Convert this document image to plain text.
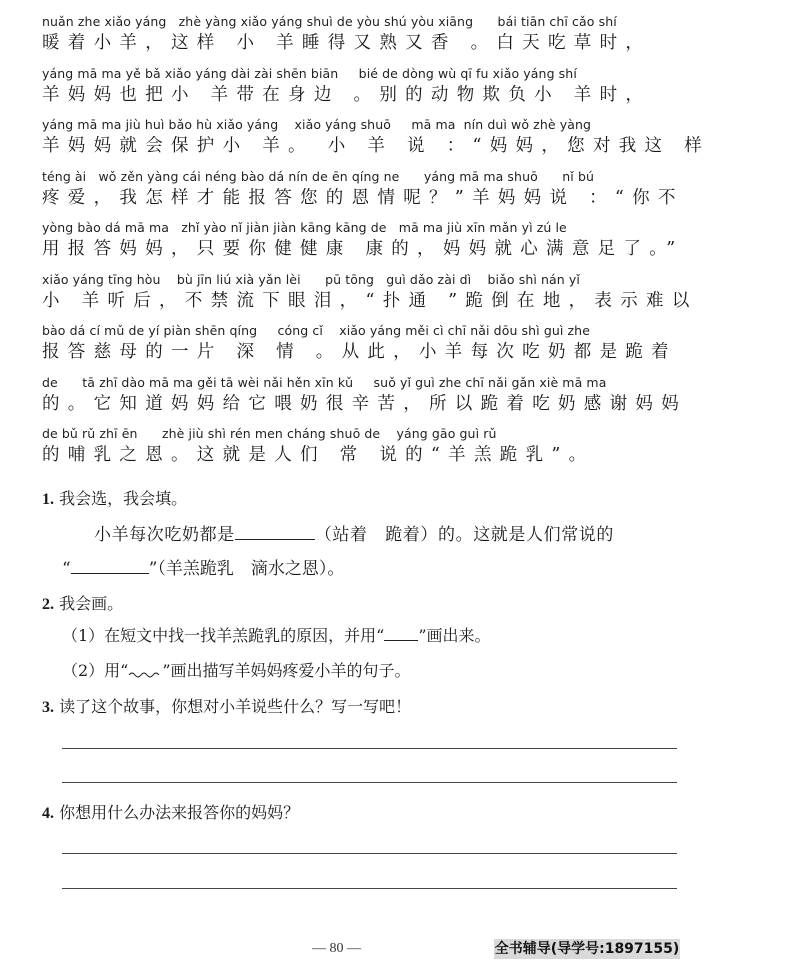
nuǎn zhe xiǎo yáng   zhè yàng xiǎo yáng shuì de yòu shú yòu xiāng      bái tiān chī cǎo shí
暖着小羊，这样 小 羊睡得又熟又香 。白天吃草时，
yáng mā ma yě bǎ xiǎo yáng dài zài shēn biān     bié de dòng wù qī fu xiǎo yáng shí
羊妈妈也把小 羊带在身边 。别的动物欺负小 羊时，
yáng mā ma jiù huì bǎo hù xiǎo yáng    xiǎo yáng shuō     mā ma  nín duì wǒ zhè yàng
羊妈妈就会保护小 羊。 小 羊 说 ：“妈妈，您对我这 样
téng ài   wǒ zěn yàng cái néng bào dá nín de ēn qíng ne      yáng mā ma shuō      nǐ bú
疼爱，我怎样才能报答您的恩情呢？”羊妈妈说 ：“你不
yòng bào dá mā ma   zhǐ yào nǐ jiàn jiàn kāng kāng de   mā ma jiù xīn mǎn yì zú le
用报答妈妈，只要你健健康 康的，妈妈就心满意足了。”
xiǎo yáng tīng hòu    bù jīn liú xià yǎn lèi      pū tōng   guì dǎo zài dì    biǎo shì nán yǐ
小 羊听后，不禁流下眼泪，“扑通 ”跪倒在地，表示难以
bào dá cí mǔ de yí piàn shēn qíng     cóng cǐ    xiǎo yáng měi cì chī nǎi dōu shì guì zhe
报答慈母的一片 深 情 。从此，小羊每次吃奶都是跪着
de      tā zhī dào mā ma gěi tā wèi nǎi hěn xīn kǔ     suǒ yǐ guì zhe chī nǎi gǎn xiè mā ma
的。它知道妈妈给它喂奶很辛苦，所以跪着吃奶感谢妈妈
de bǔ rǔ zhī ēn      zhè jiù shì rén men cháng shuō de    yáng gāo guì rǔ
的哺乳之恩。这就是人们 常 说的“羊羔跪乳”。
1. 我会选，我会填。
小羊每次吃奶都是	（站着　跪着）的。这就是人们常说的
“	”（羊羔跪乳　滴水之恩）。
2. 我会画。
（1）在短文中找一找羊羔跪乳的原因，并用“ ”画出来。
（2）用“ ”画出描写羊妈妈疼爱小羊的句子。
3. 读了这个故事，你想对小羊说些什么？写一写吧！
4. 你想用什么办法来报答你的妈妈？
— 80 —	全书辅导(导学号:1897155)
